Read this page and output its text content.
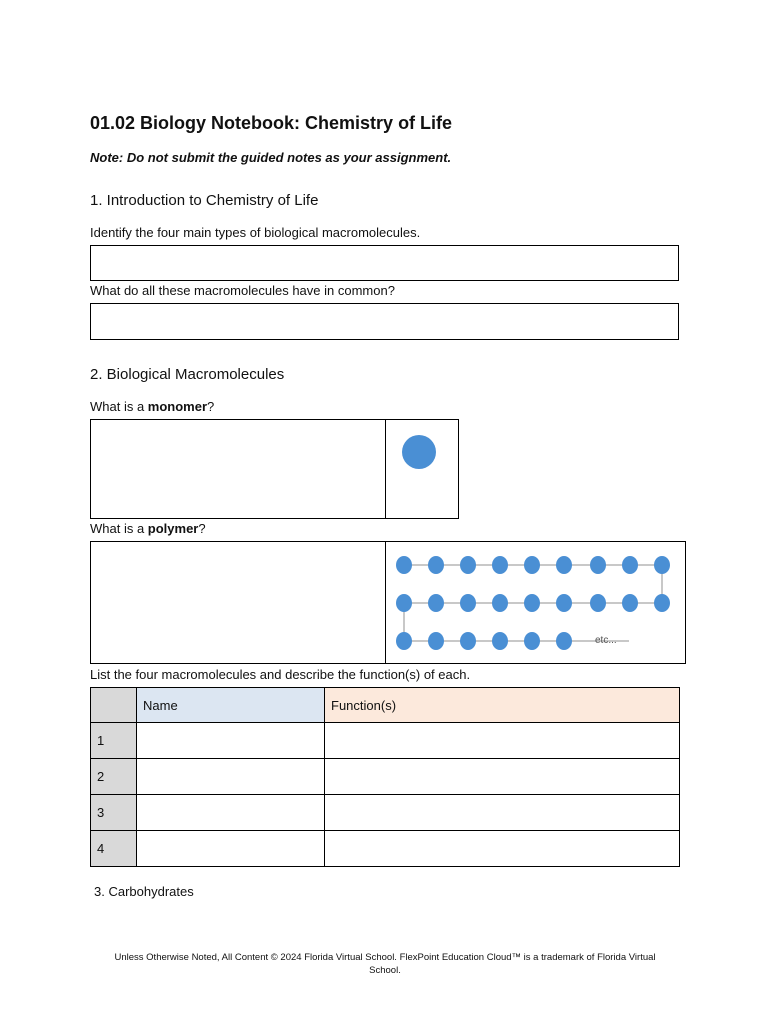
01.02 Biology Notebook: Chemistry of Life
Note: Do not submit the guided notes as your assignment.
1. Introduction to Chemistry of Life
Identify the four main types of biological macromolecules.
What do all these macromolecules have in common?
2. Biological Macromolecules
What is a monomer?
What is a polymer?
etc...
List the four macromolecules and describe the function(s) of each.
	Name	Function(s)
1		
2		
3		
4		
3. Carbohydrates
Unless Otherwise Noted, All Content © 2024 Florida Virtual School. FlexPoint Education Cloud™ is a trademark of Florida Virtual
School.
